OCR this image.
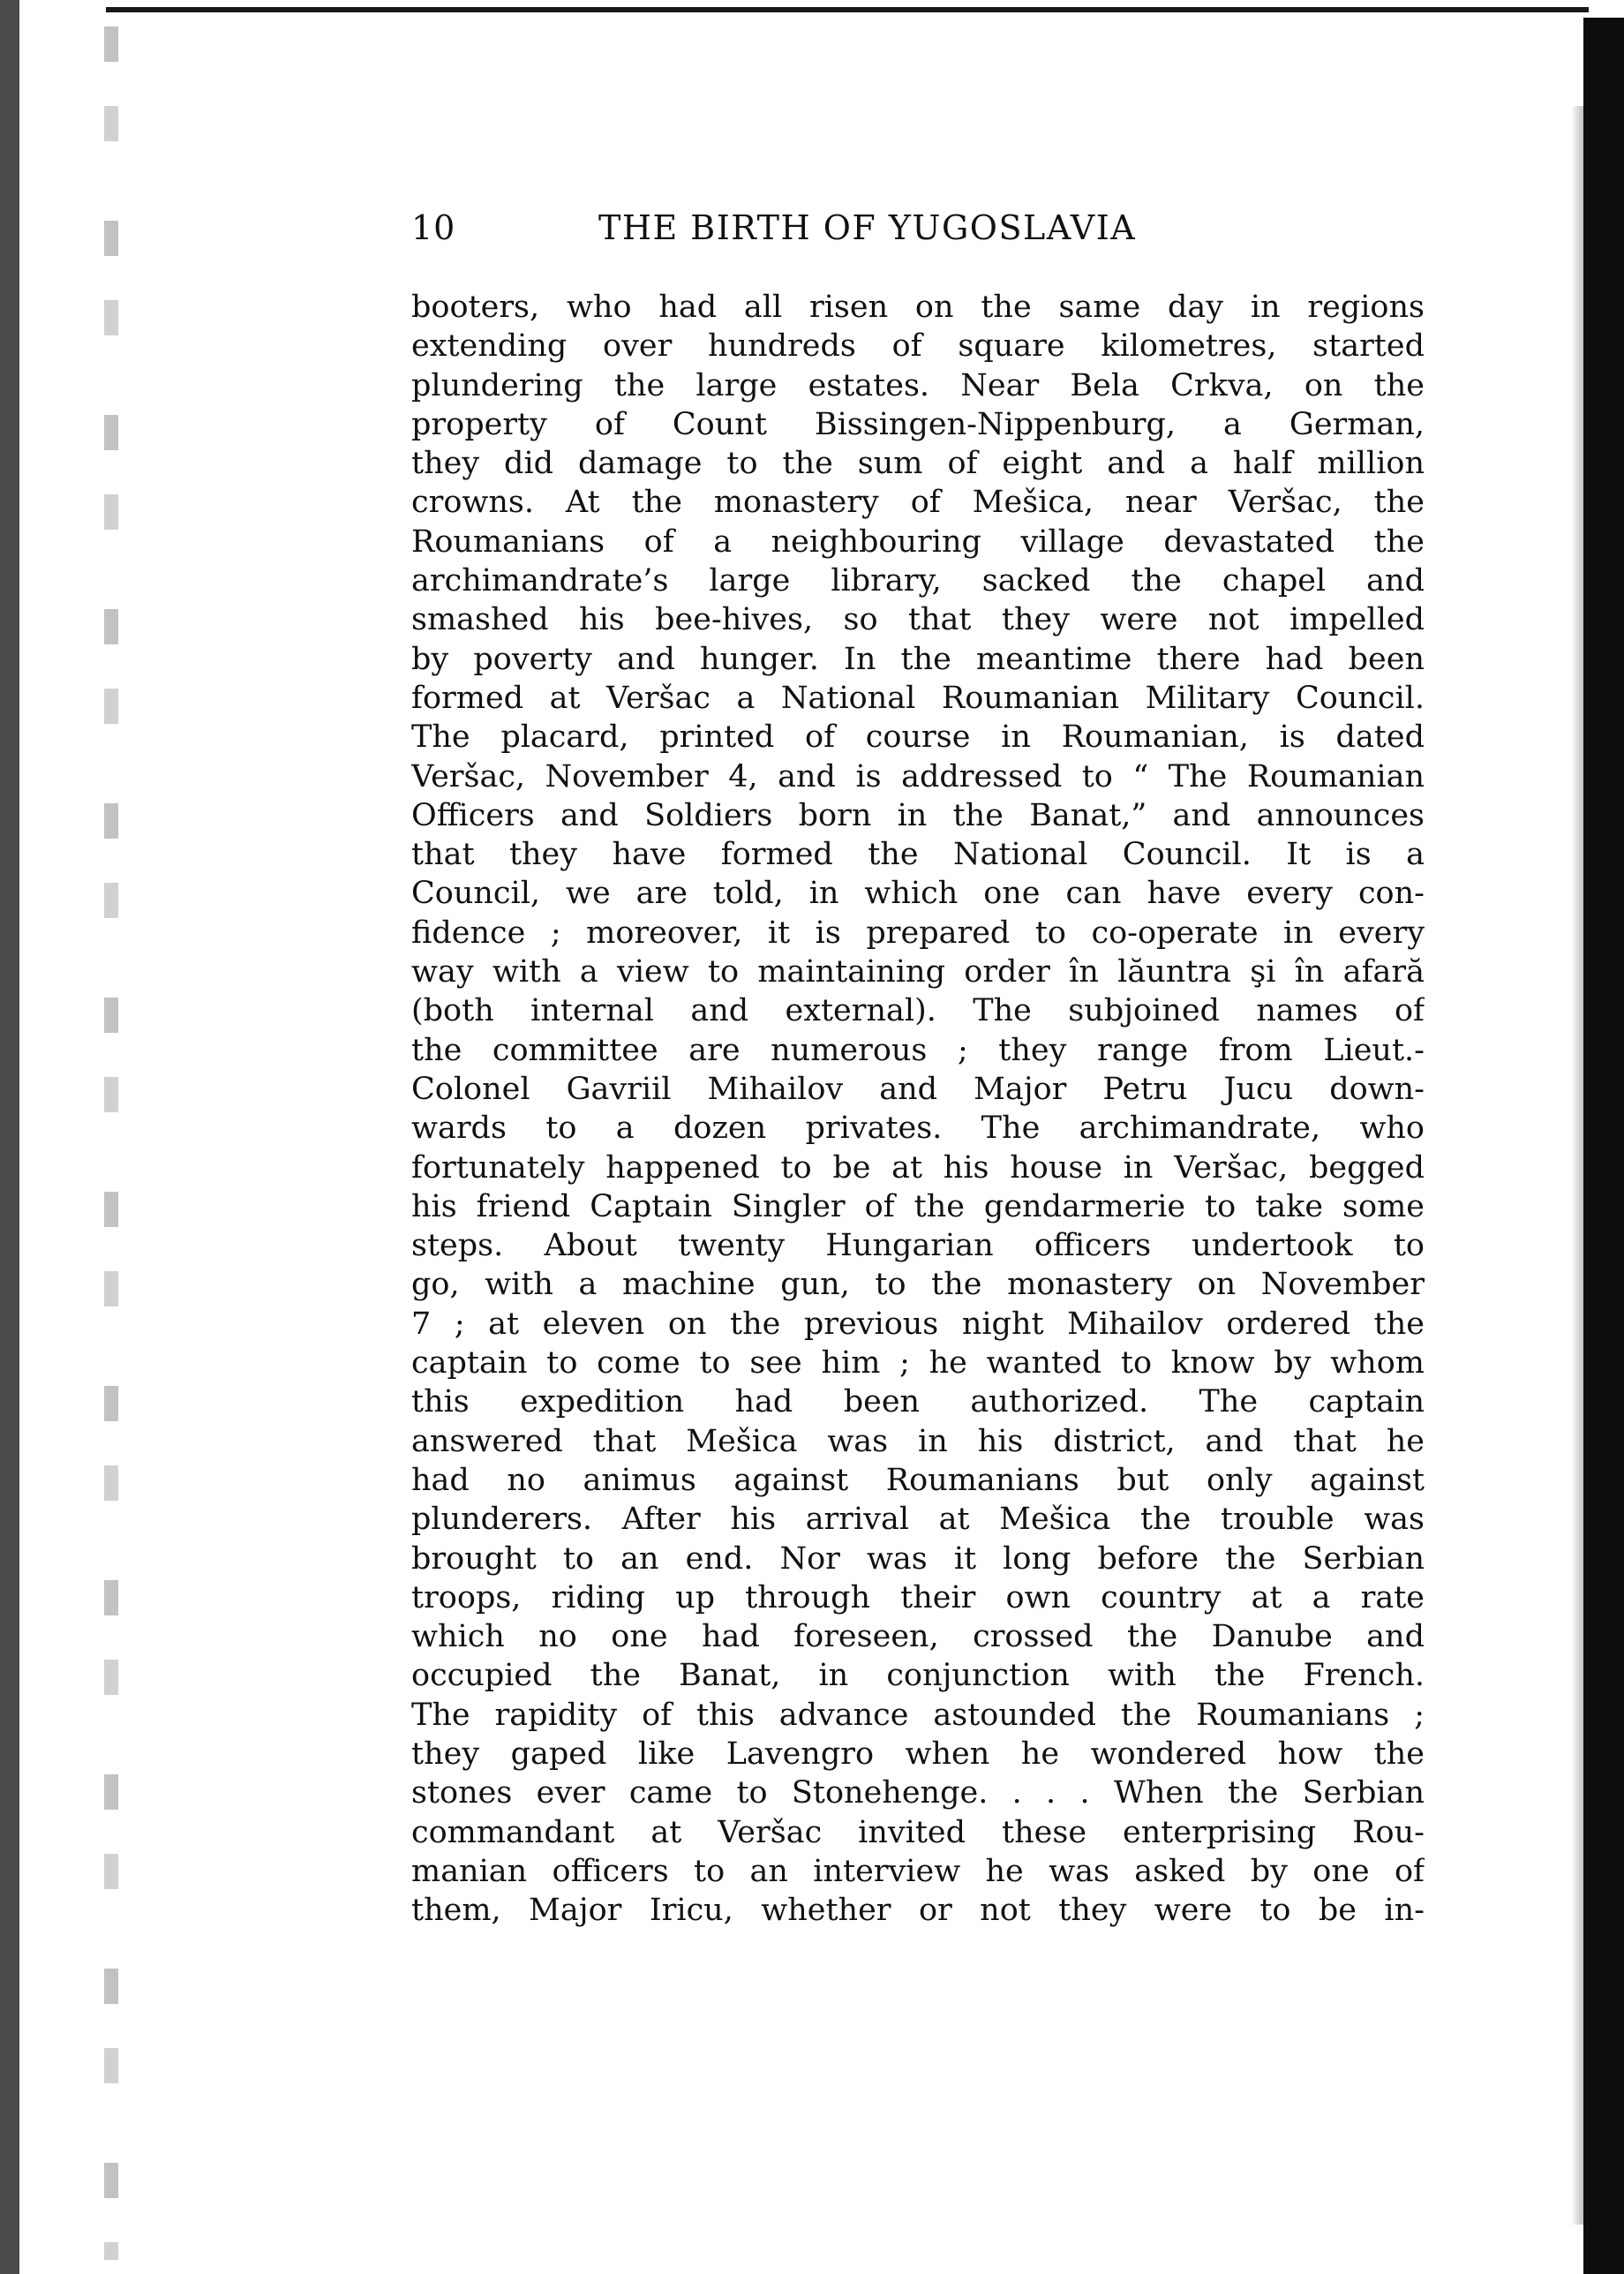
10	THE BIRTH OF YUGOSLAVIA
booters, who had all risen on the same day in regions
extending over hundreds of square kilometres, started
plundering the large estates. Near Bela Crkva, on the
property of Count Bissingen-Nippenburg, a German,
they did damage to the sum of eight and a half million
crowns. At the monastery of Mešica, near Veršac, the
Roumanians of a neighbouring village devastated the
archimandrate’s large library, sacked the chapel and
smashed his bee-hives, so that they were not impelled
by poverty and hunger. In the meantime there had been
formed at Veršac a National Roumanian Military Council.
The placard, printed of course in Roumanian, is dated
Veršac, November 4, and is addressed to “ The Roumanian
Officers and Soldiers born in the Banat,” and announces
that they have formed the National Council. It is a
Council, we are told, in which one can have every con-
fidence ; moreover, it is prepared to co-operate in every
way with a view to maintaining order în lăuntra şi în afară
(both internal and external). The subjoined names of
the committee are numerous ; they range from Lieut.-
Colonel Gavriil Mihailov and Major Petru Jucu down-
wards to a dozen privates. The archimandrate, who
fortunately happened to be at his house in Veršac, begged
his friend Captain Singler of the gendarmerie to take some
steps. About twenty Hungarian officers undertook to
go, with a machine gun, to the monastery on November
7 ; at eleven on the previous night Mihailov ordered the
captain to come to see him ; he wanted to know by whom
this expedition had been authorized. The captain
answered that Mešica was in his district, and that he
had no animus against Roumanians but only against
plunderers. After his arrival at Mešica the trouble was
brought to an end. Nor was it long before the Serbian
troops, riding up through their own country at a rate
which no one had foreseen, crossed the Danube and
occupied the Banat, in conjunction with the French.
The rapidity of this advance astounded the Roumanians ;
they gaped like Lavengro when he wondered how the
stones ever came to Stonehenge. . . . When the Serbian
commandant at Veršac invited these enterprising Rou-
manian officers to an interview he was asked by one of
them, Major Iricu, whether or not they were to be in-
